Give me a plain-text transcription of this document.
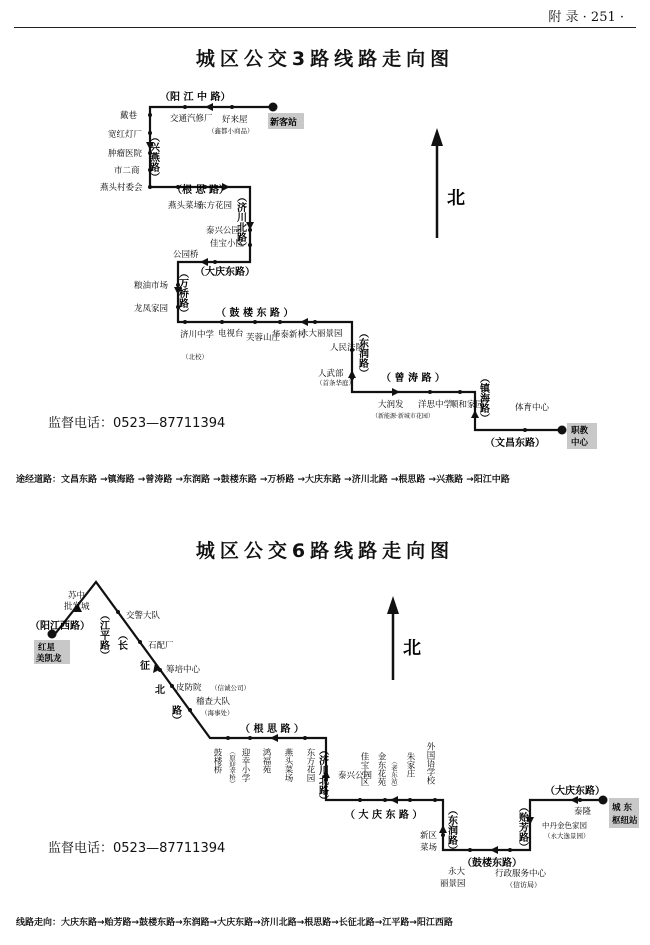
附 录 · 251 ·
城区公交3路线路走向图
北
（阳 江 中 路）
（根 思 路）
（大庆东路）
（ 鼓 楼 东 路 ）
（ 曾 涛 路 ）
（文昌东路）
（兴燕路）
（济川北路）
（万桥路）
（东润路）
（镇海路）
新客站
职教
中心
好来屋
（鑫都小商品）
交通汽修厂
戴巷
宽红灯厂
肿瘤医院
市二商
燕头村委会
燕头菜场
东方花园
泰兴公园
佳宝小区
公园桥
粮油市场
龙凤家园
济川中学
（北校）
电视台 芙蓉山庄
华泰新村
永大丽景园
人民法院
人武部
（首条华庭）
大润发
（新能源·新城市花园）
洋思中学
顺和家园	体育中心
监督电话：0523—87711394
途经道路：文昌东路 →镇海路 →曾涛路 →东润路 →鼓楼东路 →万桥路 →大庆东路 →济川北路 →根思路 →兴燕路 →阳江中路
城区公交6路线路走向图
北
（阳江西路）
（ 根 思 路 ）
（ 大 庆 东 路 ）
（鼓楼东路）
（大庆东路）
（江平路） （长
征
北
路）
（济川北路）
（东润路）	（贻芳路）
红星
美凯龙
城 东
枢纽站
苏中
批发城
交警大队
石配厂
筹培中心
皮防院 （信诚公司）
稽查大队
（海事处）
鼓楼桥 （原迎幸桥） 迎幸小学 鸿福苑 燕头菜场 东方花园	泰兴公园
佳宝小区 金东花苑 （老东站） 朱家庄 外国语学校
新区
菜场
永大
丽景园
行政服务中心
（信访局）
中丹金色家园
（永大逸景园）
泰隆
监督电话：0523—87711394
线路走向：大庆东路→贻芳路→鼓楼东路→东润路→大庆东路→济川北路→根思路→长征北路→江平路→阳江西路
